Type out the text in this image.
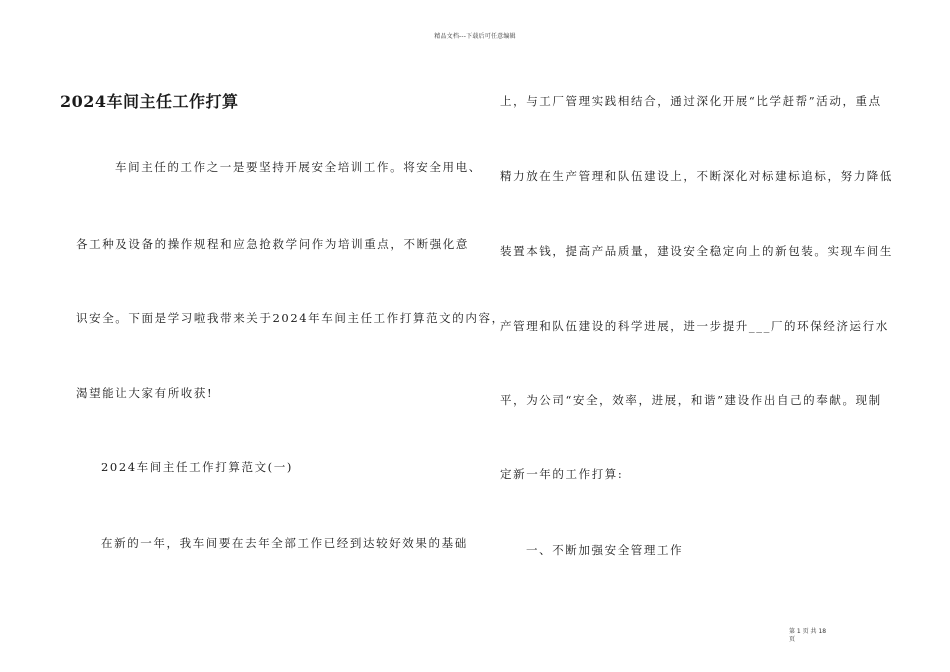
精品文档---下载后可任意编辑
2024车间主任工作打算
车间主任的工作之一是要坚持开展安全培训工作。将安全用电、
各工种及设备的操作规程和应急抢救学问作为培训重点，不断强化意
识安全。下面是学习啦我带来关于2024年车间主任工作打算范文的内容，
渴望能让大家有所收获!
2024车间主任工作打算范文(一)
在新的一年，我车间要在去年全部工作已经到达较好效果的基础
上，与工厂管理实践相结合，通过深化开展“比学赶帮”活动，重点
精力放在生产管理和队伍建设上，不断深化对标建标追标，努力降低
装置本钱，提高产品质量，建设安全稳定向上的新包装。实现车间生
产管理和队伍建设的科学进展，进一步提升___厂的环保经济运行水
平，为公司“安全，效率，进展，和谐”建设作出自己的奉献。现制
定新一年的工作打算:
一、不断加强安全管理工作
第 1 页 共 18
页
